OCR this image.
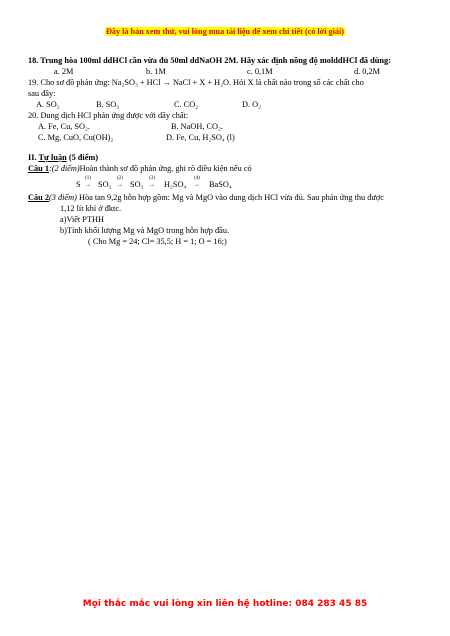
Đây là bản xem thử, vui lòng mua tài liệu để xem chi tiết (có lời giải)
18. Trung hòa 100ml ddHCl cần vừa đủ 50ml ddNaOH 2M. Hãy xác định nồng độ molddHCl đã dùng:
a. 2M	b. 1M	c. 0,1M	d. 0,2M
19. Cho sơ đồ phản ứng: Na₂SO₃ + HCl → NaCl + X + H₂O. Hỏi X là chất nào trong số các chất cho
sau đây:
A. SO₂	B. SO₃	C. CO₂	D. O₂
20. Dung dịch HCl phản ứng được với dãy chất:
A. Fe, Cu, SO₂.	B. NaOH, CO₂.
C. Mg, CuO, Cu(OH)₂	D. Fe, Cu, H₂SO₄ (l)
II. Tự luận (5 điểm)
Câu 1:(2 điểm)Hoàn thành sơ đồ phản ứng, ghi rõ điều kiện nếu có
S
(1)
→ SO₂
(2)
→ SO₃
(3)
→ H₂SO₄
(4)
→ BaSO₄
Câu 2(3 điểm) Hòa tan 9,2g hỗn hợp gồm: Mg và MgO vào dung dịch HCl vừa đủ. Sau phản ứng thu được
1,12 lít khí ở đktc.
a)Viết PTHH
b)Tính khối lượng Mg và MgO trong hỗn hợp đầu.
( Cho Mg = 24; Cl= 35,5; H = 1; O = 16;)
Mọi thắc mắc vui lòng xin liên hệ hotline: 084 283 45 85
